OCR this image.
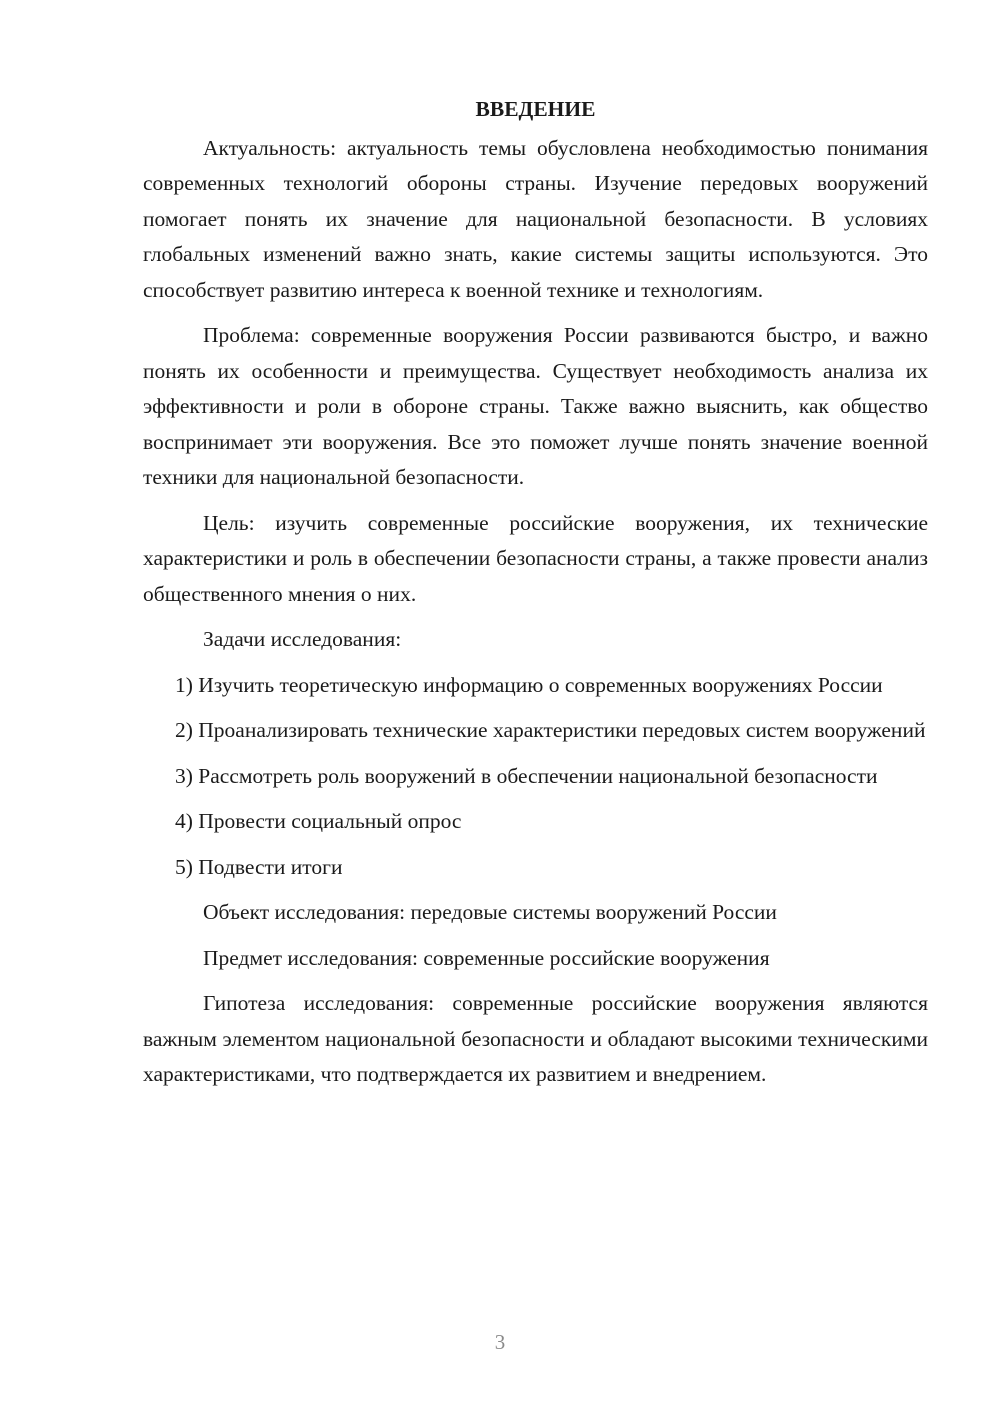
ВВЕДЕНИЕ

Актуальность: актуальность темы обусловлена необходимостью понимания современных технологий обороны страны. Изучение передовых вооружений помогает понять их значение для национальной безопасности. В условиях глобальных изменений важно знать, какие системы защиты используются. Это способствует развитию интереса к военной технике и технологиям.

Проблема: современные вооружения России развиваются быстро, и важно понять их особенности и преимущества. Существует необходимость анализа их эффективности и роли в обороне страны. Также важно выяснить, как общество воспринимает эти вооружения. Все это поможет лучше понять значение военной техники для национальной безопасности.

Цель: изучить современные российские вооружения, их технические характеристики и роль в обеспечении безопасности страны, а также провести анализ общественного мнения о них.

Задачи исследования:

1) Изучить теоретическую информацию о современных вооружениях России

2) Проанализировать технические характеристики передовых систем вооружений

3) Рассмотреть роль вооружений в обеспечении национальной безопасности

4) Провести социальный опрос

5) Подвести итоги

Объект исследования: передовые системы вооружений России

Предмет исследования: современные российские вооружения

Гипотеза исследования: современные российские вооружения являются важным элементом национальной безопасности и обладают высокими техническими характеристиками, что подтверждается их развитием и внедрением.

3
